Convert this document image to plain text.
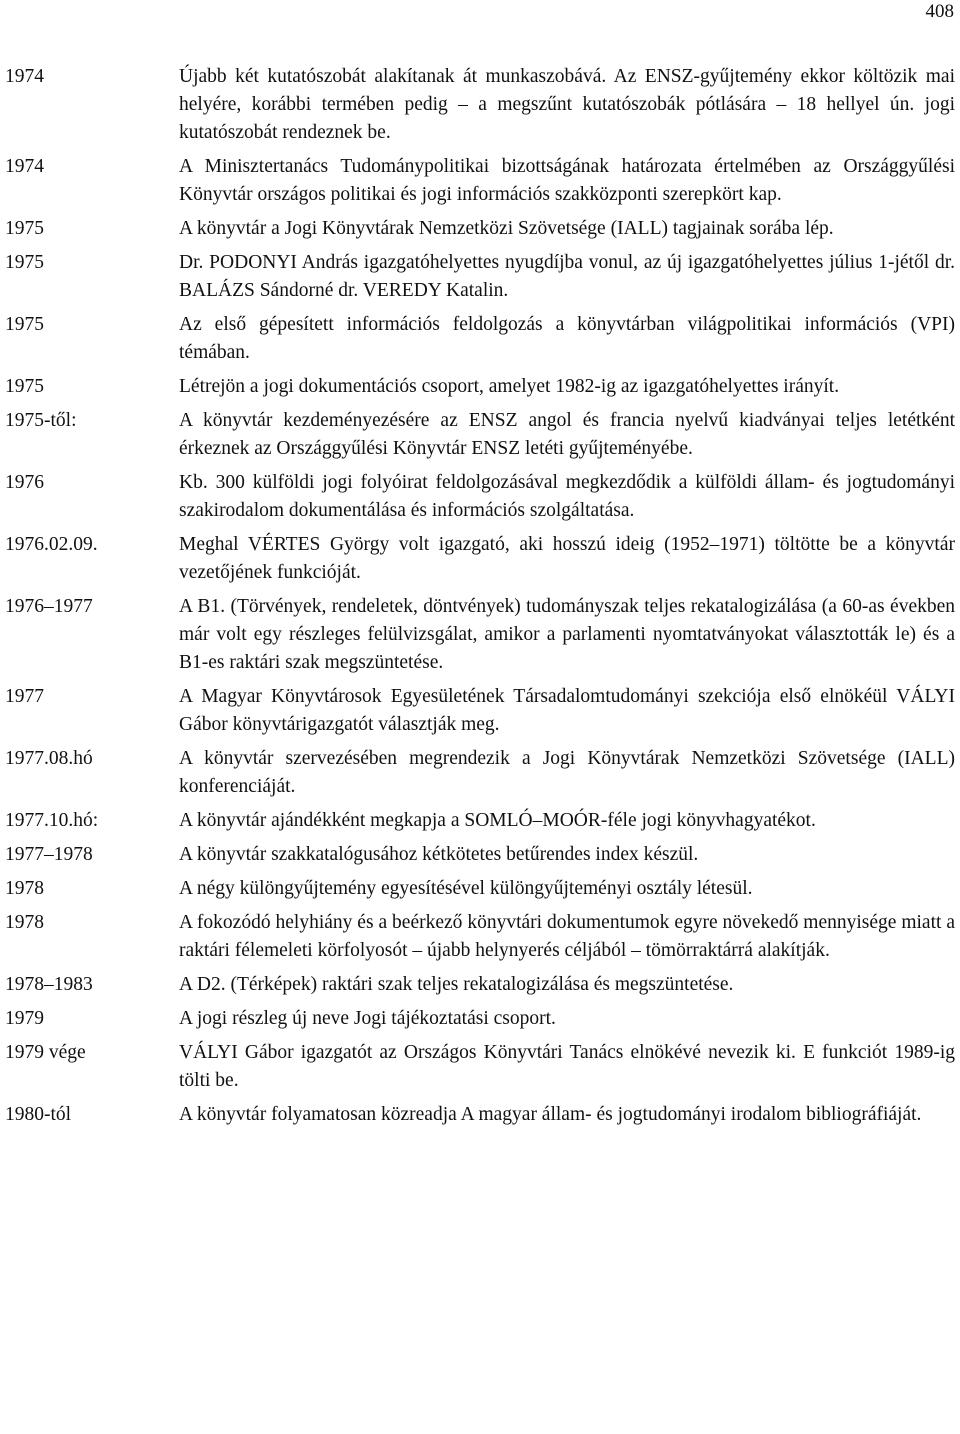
408
1974	Újabb két kutatószobát alakítanak át munkaszobává. Az ENSZ-gyűjtemény ekkor költözik mai helyére, korábbi termében pedig – a megszűnt kutatószobák pótlására – 18 hellyel ún. jogi kutatószobát rendeznek be.
1974	A Minisztertanács Tudománypolitikai bizottságának határozata értelmében az Országgyűlési Könyvtár országos politikai és jogi információs szakközponti szerepkört kap.
1975	A könyvtár a Jogi Könyvtárak Nemzetközi Szövetsége (IALL) tagjainak sorába lép.
1975	Dr. PODONYI András igazgatóhelyettes nyugdíjba vonul, az új igazgatóhelyettes július 1-jétől dr. BALÁZS Sándorné dr. VEREDY Katalin.
1975	Az első gépesített információs feldolgozás a könyvtárban világpolitikai információs (VPI) témában.
1975	Létrejön a jogi dokumentációs csoport, amelyet 1982-ig az igazgatóhelyettes irányít.
1975-től:	A könyvtár kezdeményezésére az ENSZ angol és francia nyelvű kiadványai teljes letétként érkeznek az Országgyűlési Könyvtár ENSZ letéti gyűjteményébe.
1976	Kb. 300 külföldi jogi folyóirat feldolgozásával megkezdődik a külföldi állam- és jogtudományi szakirodalom dokumentálása és információs szolgáltatása.
1976.02.09.	Meghal VÉRTES György volt igazgató, aki hosszú ideig (1952–1971) töltötte be a könyvtár vezetőjének funkcióját.
1976–1977	A B1. (Törvények, rendeletek, döntvények) tudományszak teljes rekatalogizálása (a 60-as években már volt egy részleges felülvizsgálat, amikor a parlamenti nyomtatványokat választották le) és a B1-es raktári szak megszüntetése.
1977	A Magyar Könyvtárosok Egyesületének Társadalomtudományi szekciója első elnökéül VÁLYI Gábor könyvtárigazgatót választják meg.
1977.08.hó	A könyvtár szervezésében megrendezik a Jogi Könyvtárak Nemzetközi Szövetsége (IALL) konferenciáját.
1977.10.hó:	A könyvtár ajándékként megkapja a SOMLÓ–MOÓR-féle jogi könyvhagyatékot.
1977–1978	A könyvtár szakkatalógusához kétkötetes betűrendes index készül.
1978	A négy különgyűjtemény egyesítésével különgyűjteményi osztály létesül.
1978	A fokozódó helyhiány és a beérkező könyvtári dokumentumok egyre növekedő mennyisége miatt a raktári félemeleti körfolyosót – újabb helynyerés céljából – tömörraktárrá alakítják.
1978–1983	A D2. (Térképek) raktári szak teljes rekatalogizálása és megszüntetése.
1979	A jogi részleg új neve Jogi tájékoztatási csoport.
1979 vége	VÁLYI Gábor igazgatót az Országos Könyvtári Tanács elnökévé nevezik ki. E funkciót 1989-ig tölti be.
1980-tól	A könyvtár folyamatosan közreadja A magyar állam- és jogtudományi irodalom bibliográfiáját.
